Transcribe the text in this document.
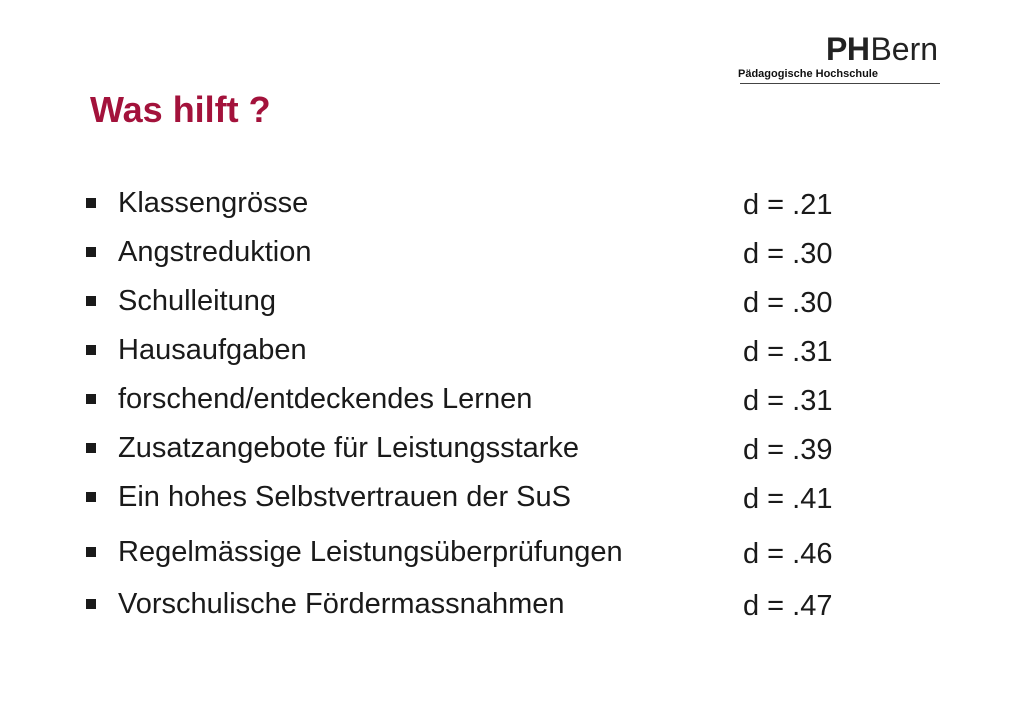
PHBern
Pädagogische Hochschule
Was hilft ?
Klassengrösse	d = .21
Angstreduktion	d = .30
Schulleitung	d = .30
Hausaufgaben	d = .31
forschend/entdeckendes Lernen	d = .31
Zusatzangebote für Leistungsstarke	d = .39
Ein hohes Selbstvertrauen der SuS	d = .41
Regelmässige Leistungsüberprüfungen	d = .46
Vorschulische Fördermassnahmen	d = .47
